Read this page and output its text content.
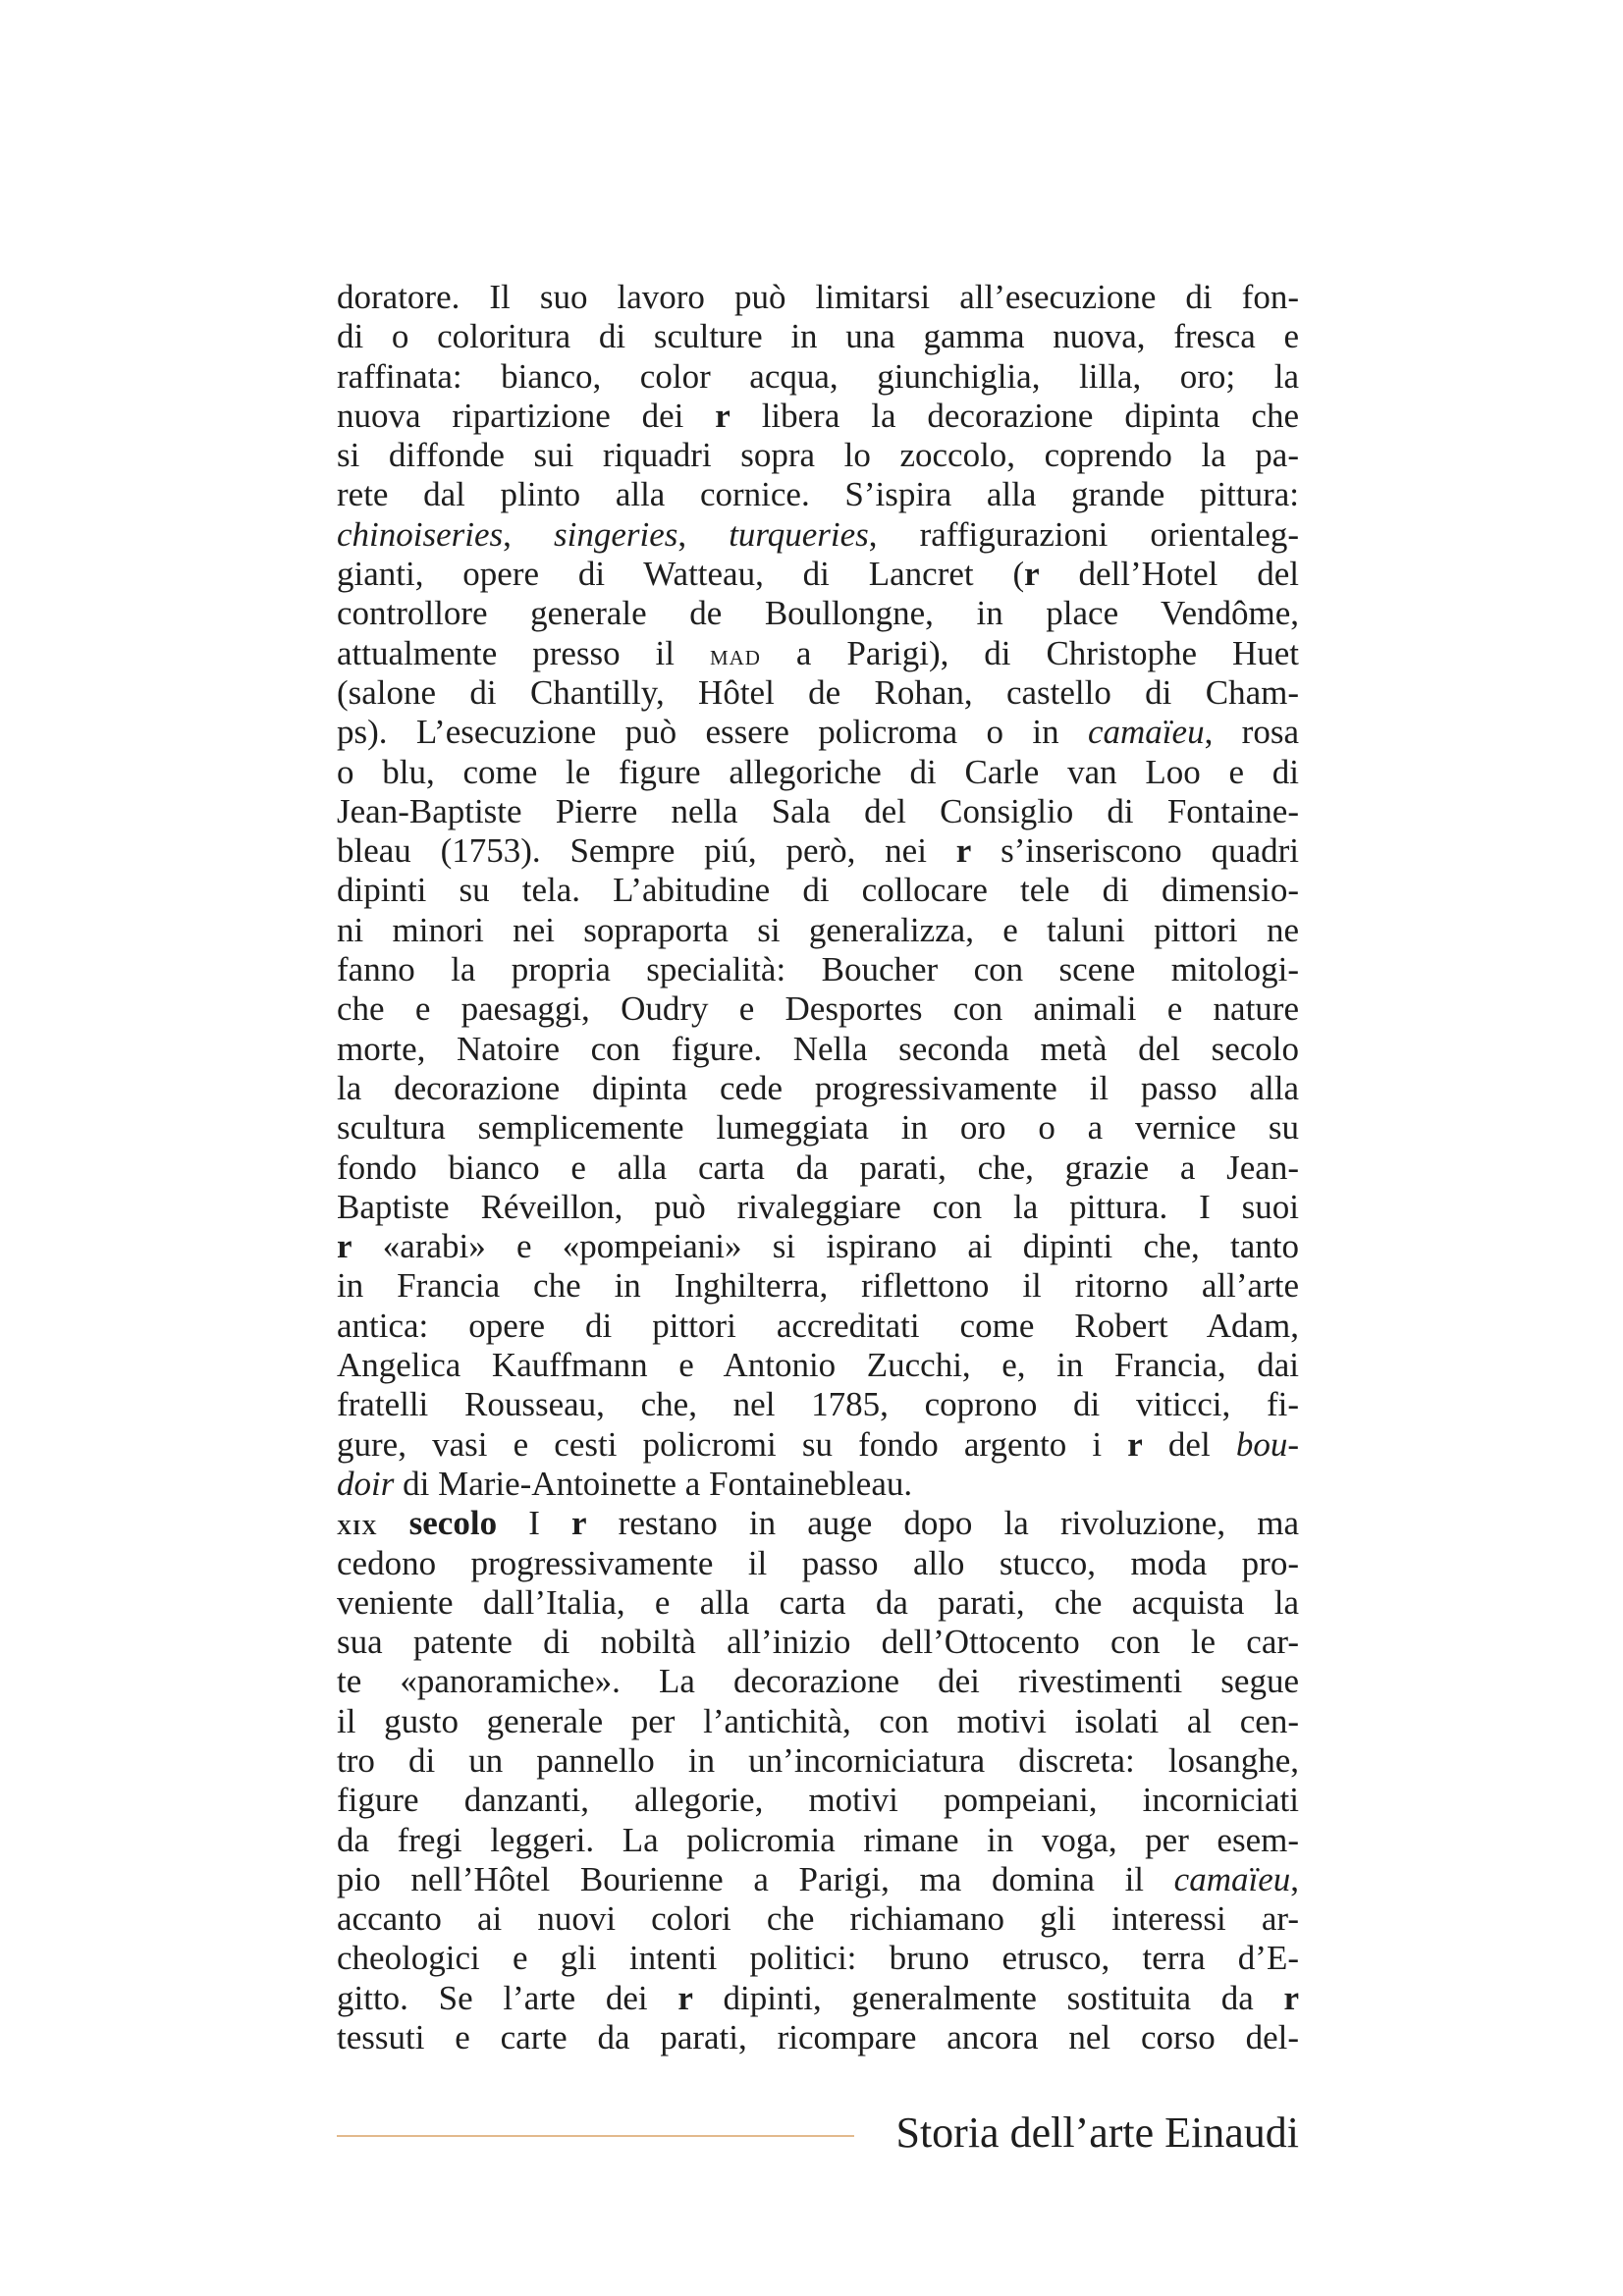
doratore. Il suo lavoro può limitarsi all’esecuzione di fon-
di o coloritura di sculture in una gamma nuova, fresca e
raffinata: bianco, color acqua, giunchiglia, lilla, oro; la
nuova ripartizione dei r libera la decorazione dipinta che
si diffonde sui riquadri sopra lo zoccolo, coprendo la pa-
rete dal plinto alla cornice. S’ispira alla grande pittura:
chinoiseries, singeries, turqueries, raffigurazioni orientaleg-
gianti, opere di Watteau, di Lancret (r dell’Hotel del
controllore generale de Boullongne, in place Vendôme,
attualmente presso il mad a Parigi), di Christophe Huet
(salone di Chantilly, Hôtel de Rohan, castello di Cham-
ps). L’esecuzione può essere policroma o in camaïeu, rosa
o blu, come le figure allegoriche di Carle van Loo e di
Jean-Baptiste Pierre nella Sala del Consiglio di Fontaine-
bleau (1753). Sempre piú, però, nei r s’inseriscono quadri
dipinti su tela. L’abitudine di collocare tele di dimensio-
ni minori nei sopraporta si generalizza, e taluni pittori ne
fanno la propria specialità: Boucher con scene mitologi-
che e paesaggi, Oudry e Desportes con animali e nature
morte, Natoire con figure. Nella seconda metà del secolo
la decorazione dipinta cede progressivamente il passo alla
scultura semplicemente lumeggiata in oro o a vernice su
fondo bianco e alla carta da parati, che, grazie a Jean-
Baptiste Réveillon, può rivaleggiare con la pittura. I suoi
r «arabi» e «pompeiani» si ispirano ai dipinti che, tanto
in Francia che in Inghilterra, riflettono il ritorno all’arte
antica: opere di pittori accreditati come Robert Adam,
Angelica Kauffmann e Antonio Zucchi, e, in Francia, dai
fratelli Rousseau, che, nel 1785, coprono di viticci, fi-
gure, vasi e cesti policromi su fondo argento i r del bou-
doir di Marie-Antoinette a Fontainebleau.
xix secolo I r restano in auge dopo la rivoluzione, ma
cedono progressivamente il passo allo stucco, moda pro-
veniente dall’Italia, e alla carta da parati, che acquista la
sua patente di nobiltà all’inizio dell’Ottocento con le car-
te «panoramiche». La decorazione dei rivestimenti segue
il gusto generale per l’antichità, con motivi isolati al cen-
tro di un pannello in un’incorniciatura discreta: losanghe,
figure danzanti, allegorie, motivi pompeiani, incorniciati
da fregi leggeri. La policromia rimane in voga, per esem-
pio nell’Hôtel Bourienne a Parigi, ma domina il camaïeu,
accanto ai nuovi colori che richiamano gli interessi ar-
cheologici e gli intenti politici: bruno etrusco, terra d’E-
gitto. Se l’arte dei r dipinti, generalmente sostituita da r
tessuti e carte da parati, ricompare ancora nel corso del-
Storia dell’arte Einaudi
